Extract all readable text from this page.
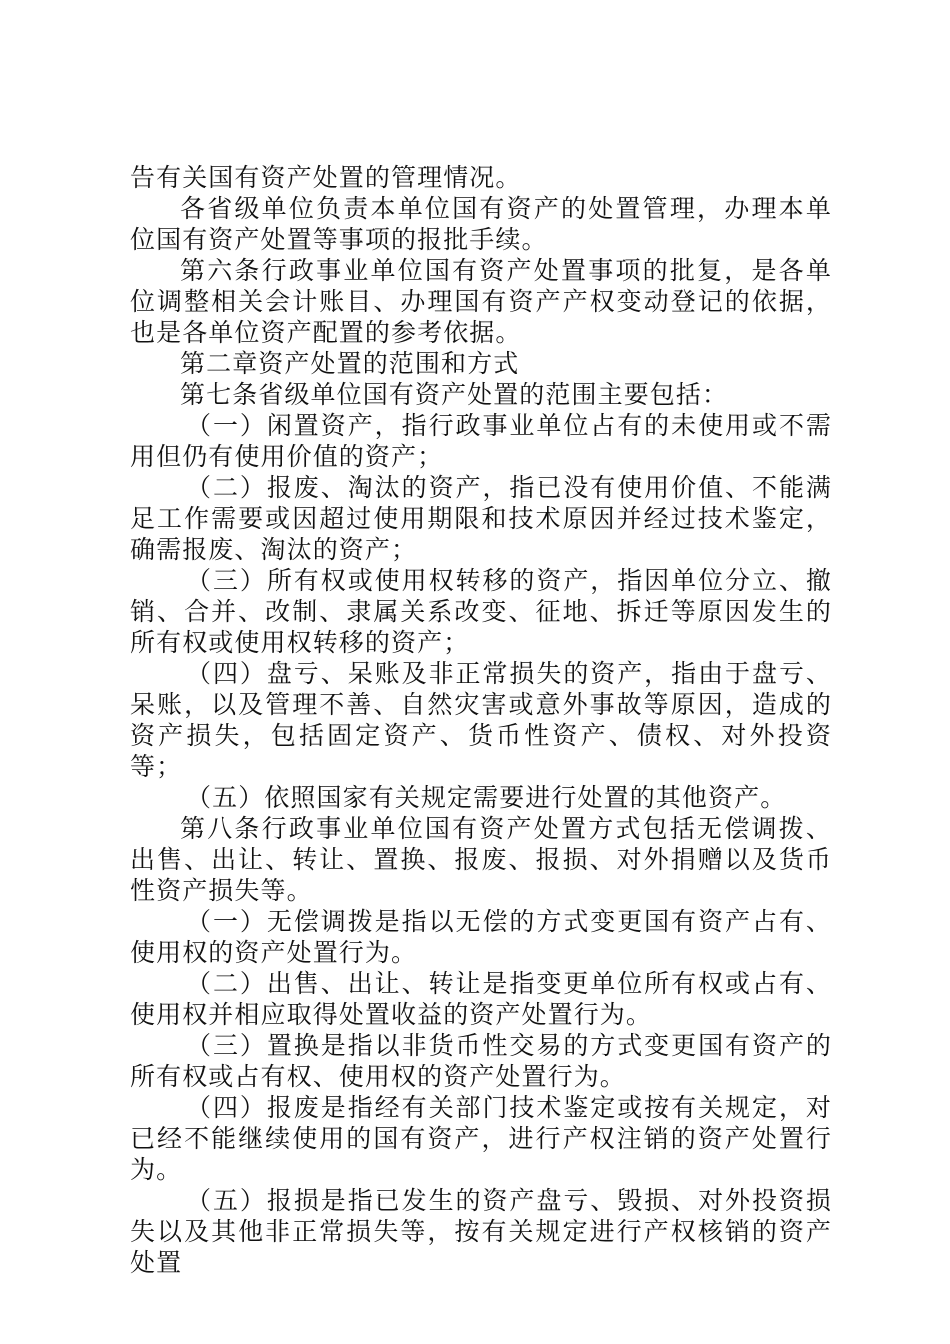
告有关国有资产处置的管理情况。

各省级单位负责本单位国有资产的处置管理，办理本单位国有资产处置等事项的报批手续。

第六条行政事业单位国有资产处置事项的批复，是各单位调整相关会计账目、办理国有资产产权变动登记的依据，也是各单位资产配置的参考依据。

第二章资产处置的范围和方式

第七条省级单位国有资产处置的范围主要包括：

（一）闲置资产，指行政事业单位占有的未使用或不需用但仍有使用价值的资产；

（二）报废、淘汰的资产，指已没有使用价值、不能满足工作需要或因超过使用期限和技术原因并经过技术鉴定，确需报废、淘汰的资产；

（三）所有权或使用权转移的资产，指因单位分立、撤销、合并、改制、隶属关系改变、征地、拆迁等原因发生的所有权或使用权转移的资产；

（四）盘亏、呆账及非正常损失的资产，指由于盘亏、呆账，以及管理不善、自然灾害或意外事故等原因，造成的资产损失，包括固定资产、货币性资产、债权、对外投资等；

（五）依照国家有关规定需要进行处置的其他资产。

第八条行政事业单位国有资产处置方式包括无偿调拨、出售、出让、转让、置换、报废、报损、对外捐赠以及货币性资产损失等。

（一）无偿调拨是指以无偿的方式变更国有资产占有、使用权的资产处置行为。

（二）出售、出让、转让是指变更单位所有权或占有、使用权并相应取得处置收益的资产处置行为。

（三）置换是指以非货币性交易的方式变更国有资产的所有权或占有权、使用权的资产处置行为。

（四）报废是指经有关部门技术鉴定或按有关规定，对已经不能继续使用的国有资产，进行产权注销的资产处置行为。

（五）报损是指已发生的资产盘亏、毁损、对外投资损失以及其他非正常损失等，按有关规定进行产权核销的资产处置
